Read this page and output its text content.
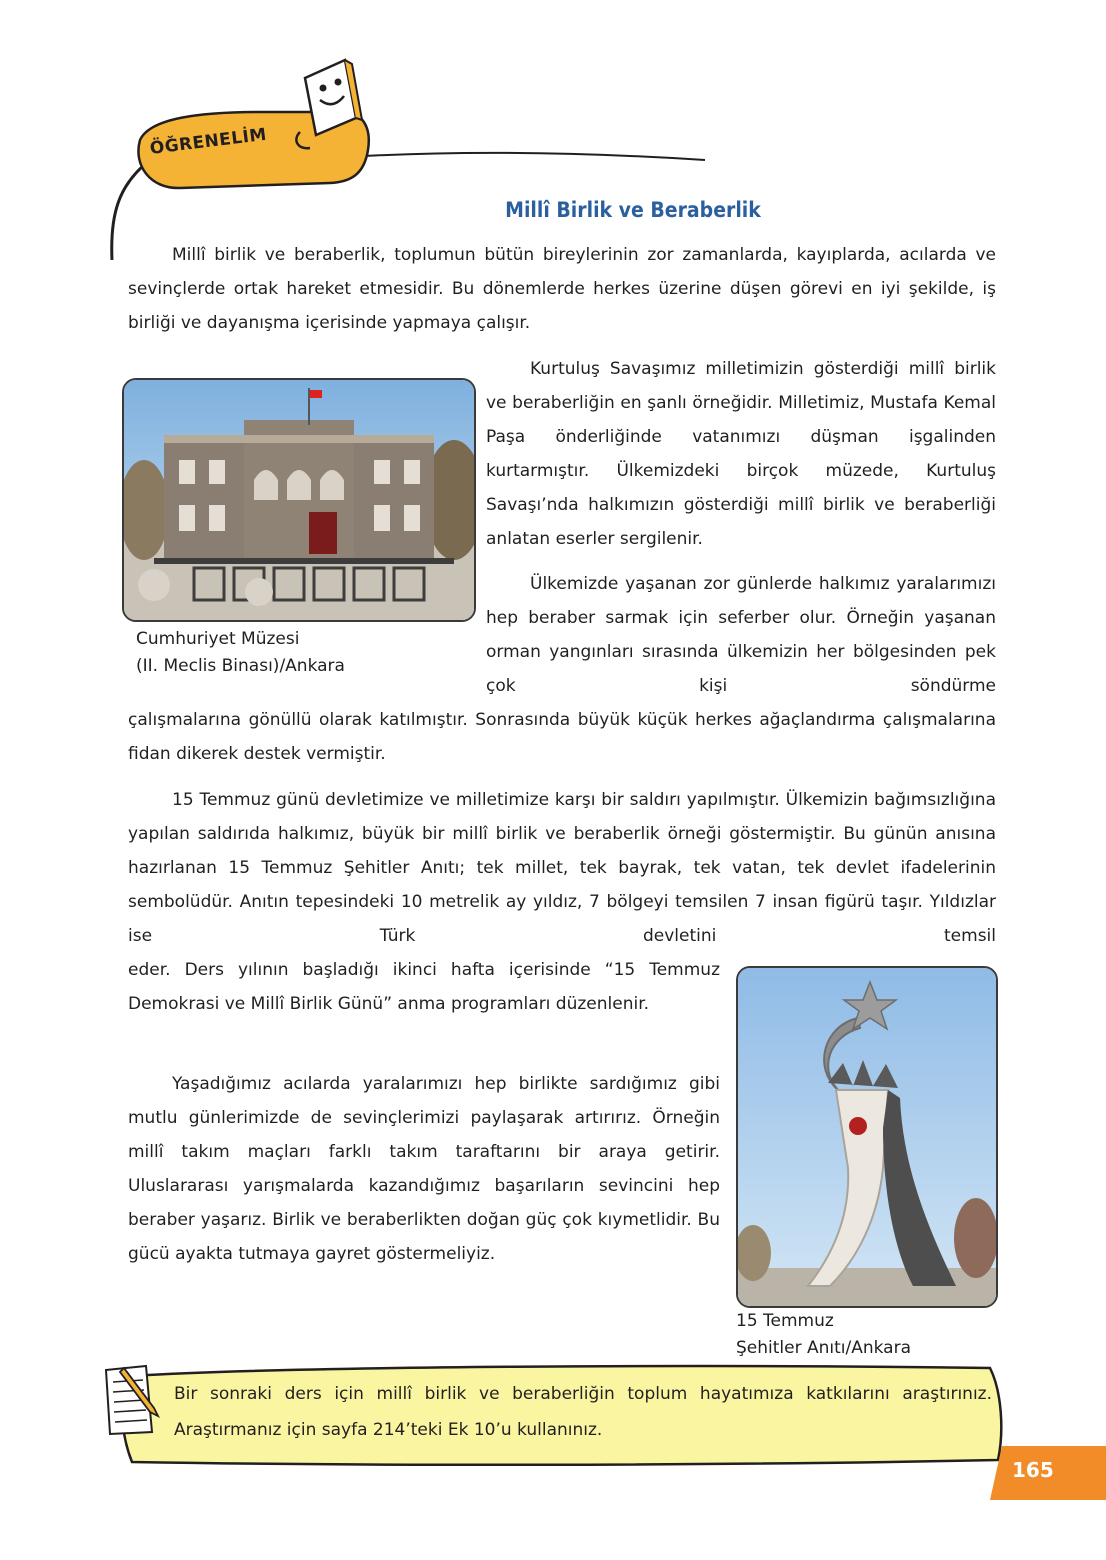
ÖĞRENELİM
Millî Birlik ve Beraberlik

Millî birlik ve beraberlik, toplumun bütün bireylerinin zor zamanlarda, kayıplarda, acılarda ve sevinçlerde ortak hareket etmesidir. Bu dönemlerde herkes üzerine düşen görevi en iyi şekilde, iş birliği ve dayanışma içerisinde yapmaya çalışır.

Cumhuriyet Müzesi
(II. Meclis Binası)/Ankara

Kurtuluş Savaşımız milletimizin gösterdiği millî birlik ve beraberliğin en şanlı örneğidir. Milletimiz, Mustafa Kemal Paşa önderliğinde vatanımızı düşman işgalinden kurtarmıştır. Ülkemizdeki birçok müzede, Kurtuluş Savaşı’nda halkımızın gösterdiği millî birlik ve beraberliği anlatan eserler sergilenir.

Ülkemizde yaşanan zor günlerde halkımız yaralarımızı hep beraber sarmak için seferber olur. Örneğin yaşanan orman yangınları sırasında ülkemizin her bölgesinden pek çok kişi söndürme

çalışmalarına gönüllü olarak katılmıştır. Sonrasında büyük küçük herkes ağaçlandırma çalışmalarına fidan dikerek destek vermiştir.

15 Temmuz günü devletimize ve milletimize karşı bir saldırı yapılmıştır. Ülkemizin bağımsızlığına yapılan saldırıda halkımız, büyük bir millî birlik ve beraberlik örneği göstermiştir. Bu günün anısına hazırlanan 15 Temmuz Şehitler Anıtı; tek millet, tek bayrak, tek vatan, tek devlet ifadelerinin sembolüdür. Anıtın tepesindeki 10 metrelik ay yıldız, 7 bölgeyi temsilen 7 insan figürü taşır. Yıldızlar ise Türk devletini temsil

eder. Ders yılının başladığı ikinci hafta içerisinde “15 Temmuz Demokrasi ve Millî Birlik Günü” anma programları düzenlenir.

Yaşadığımız acılarda yaralarımızı hep birlikte sardığımız gibi mutlu günlerimizde de sevinçlerimizi paylaşarak artırırız. Örneğin millî takım maçları farklı takım taraftarını bir araya getirir. Uluslararası yarışmalarda kazandığımız başarıların sevincini hep beraber yaşarız. Birlik ve beraberlikten doğan güç çok kıymetlidir. Bu gücü ayakta tutmaya gayret göstermeliyiz.

15 Temmuz
Şehitler Anıtı/Ankara

Bir sonraki ders için millî birlik ve beraberliğin toplum hayatımıza katkılarını araştırınız. Araştırmanız için sayfa 214’teki Ek 10’u kullanınız.

165
